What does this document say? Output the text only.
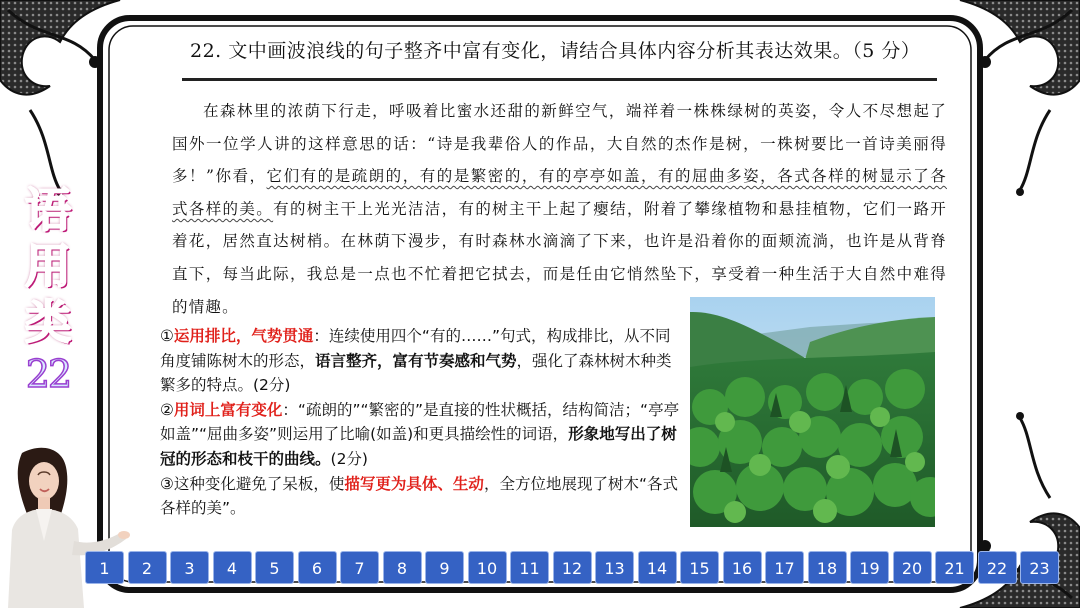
22. 文中画波浪线的句子整齐中富有变化，请结合具体内容分析其表达效果。（5 分）

在森林里的浓荫下行走，呼吸着比蜜水还甜的新鲜空气，端祥着一株株绿树的英姿，令人不尽想起了国外一位学人讲的这样意思的话：“诗是我辈俗人的作品，大自然的杰作是树，一株树要比一首诗美丽得多！”你看，它们有的是疏朗的，有的是繁密的，有的亭亭如盖，有的屈曲多姿，各式各样的树显示了各式各样的美。有的树主干上光光洁洁，有的树主干上起了瘿结，附着了攀缘植物和悬挂植物，它们一路开着花，居然直达树梢。在林荫下漫步，有时森林水滴滴了下来，也许是沿着你的面颊流淌，也许是从背脊直下，每当此际，我总是一点也不忙着把它拭去，而是任由它悄然坠下，享受着一种生活于大自然中难得的情趣。

①运用排比，气势贯通：连续使用四个“有的……”句式，构成排比，从不同角度铺陈树木的形态，语言整齐，富有节奏感和气势，强化了森林树木种类繁多的特点。(2分)

②用词上富有变化：“疏朗的”“繁密的”是直接的性状概括，结构简洁；“亭亭如盖”“屈曲多姿”则运用了比喻(如盖)和更具描绘性的词语，形象地写出了树冠的形态和枝干的曲线。(2分)

③这种变化避免了呆板，使描写更为具体、生动，全方位地展现了树木“各式各样的美”。

语
用
类
22
1	2	3	4	5	6	7	8	9	10	11	12	13	14	15	16	17	18	19	20	21	22	23
